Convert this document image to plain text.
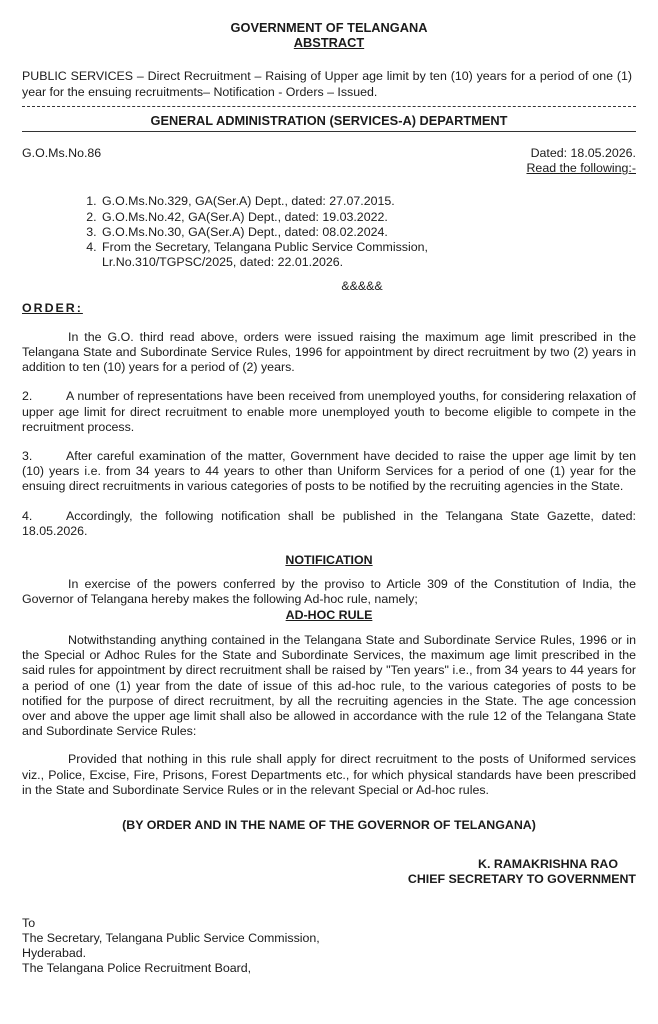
GOVERNMENT OF TELANGANA
ABSTRACT

PUBLIC SERVICES – Direct Recruitment – Raising of Upper age limit by ten (10) years for a period of one (1) year for the ensuing recruitments– Notification - Orders – Issued.

GENERAL ADMINISTRATION (SERVICES-A) DEPARTMENT
G.O.Ms.No.86	Dated: 18.05.2026.
Read the following:-
1. G.O.Ms.No.329, GA(Ser.A) Dept., dated: 27.07.2015.
2. G.O.Ms.No.42, GA(Ser.A) Dept., dated: 19.03.2022.
3. G.O.Ms.No.30, GA(Ser.A) Dept., dated: 08.02.2024.
4. From the Secretary, Telangana Public Service Commission, Lr.No.310/TGPSC/2025, dated: 22.01.2026.
&&&&&
ORDER:

In the G.O. third read above, orders were issued raising the maximum age limit prescribed in the Telangana State and Subordinate Service Rules, 1996 for appointment by direct recruitment by two (2) years in addition to ten (10) years for a period of (2) years.

2.	A number of representations have been received from unemployed youths, for considering relaxation of upper age limit for direct recruitment to enable more unemployed youth to become eligible to compete in the recruitment process.

3.	After careful examination of the matter, Government have decided to raise the upper age limit by ten (10) years i.e. from 34 years to 44 years to other than Uniform Services for a period of one (1) year for the ensuing direct recruitments in various categories of posts to be notified by the recruiting agencies in the State.

4.	Accordingly, the following notification shall be published in the Telangana State Gazette, dated: 18.05.2026.

NOTIFICATION

In exercise of the powers conferred by the proviso to Article 309 of the Constitution of India, the Governor of Telangana hereby makes the following Ad-hoc rule, namely;

AD-HOC RULE

Notwithstanding anything contained in the Telangana State and Subordinate Service Rules, 1996 or in the Special or Adhoc Rules for the State and Subordinate Services, the maximum age limit prescribed in the said rules for appointment by direct recruitment shall be raised by "Ten years" i.e., from 34 years to 44 years for a period of one (1) year from the date of issue of this ad-hoc rule, to the various categories of posts to be notified for the purpose of direct recruitment, by all the recruiting agencies in the State. The age concession over and above the upper age limit shall also be allowed in accordance with the rule 12 of the Telangana State and Subordinate Service Rules:

Provided that nothing in this rule shall apply for direct recruitment to the posts of Uniformed services viz., Police, Excise, Fire, Prisons, Forest Departments etc., for which physical standards have been prescribed in the State and Subordinate Service Rules or in the relevant Special or Ad-hoc rules.

(BY ORDER AND IN THE NAME OF THE GOVERNOR OF TELANGANA)
K. RAMAKRISHNA RAO
CHIEF SECRETARY TO GOVERNMENT
To
The Secretary, Telangana Public Service Commission,
Hyderabad.
The Telangana Police Recruitment Board,
